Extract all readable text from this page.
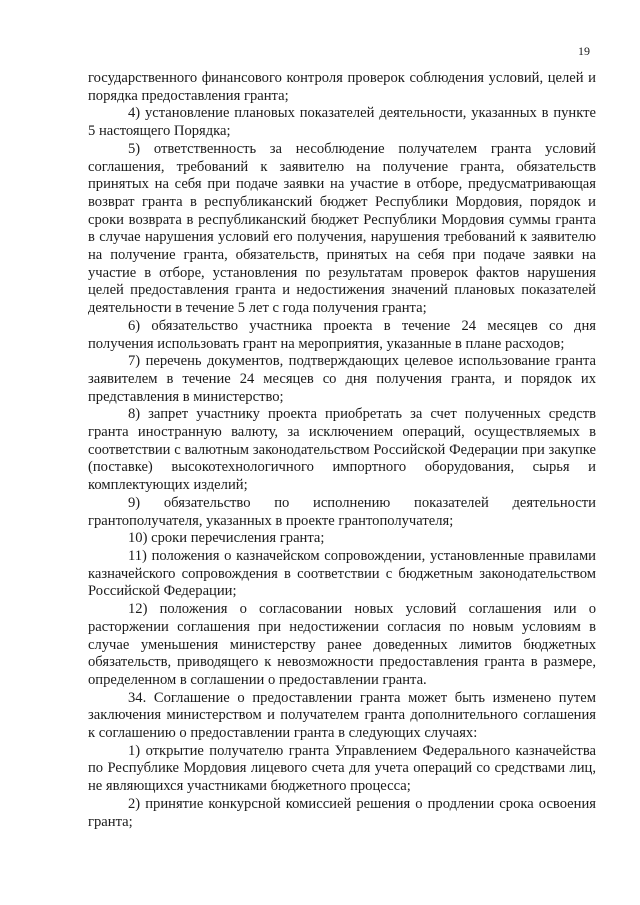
19

государственного финансового контроля проверок соблюдения условий, целей и порядка предоставления гранта;

4) установление плановых показателей деятельности, указанных в пункте 5 настоящего Порядка;

5) ответственность за несоблюдение получателем гранта условий соглашения, требований к заявителю на получение гранта, обязательств принятых на себя при подаче заявки на участие в отборе, предусматривающая возврат гранта в республиканский бюджет Республики Мордовия, порядок и сроки возврата в республиканский бюджет Республики Мордовия суммы гранта в случае нарушения условий его получения, нарушения требований к заявителю на получение гранта, обязательств, принятых на себя при подаче заявки на участие в отборе, установления по результатам проверок фактов нарушения целей предоставления гранта и недостижения значений плановых показателей деятельности в течение 5 лет с года получения гранта;

6) обязательство участника проекта в течение 24 месяцев со дня получения использовать грант на мероприятия, указанные в плане расходов;

7) перечень документов, подтверждающих целевое использование гранта заявителем в течение 24 месяцев со дня получения гранта, и порядок их представления в министерство;

8) запрет участнику проекта приобретать за счет полученных средств гранта иностранную валюту, за исключением операций, осуществляемых в соответствии с валютным законодательством Российской Федерации при закупке (поставке) высокотехнологичного импортного оборудования, сырья и комплектующих изделий;

9) обязательство по исполнению показателей деятельности грантополучателя, указанных в проекте грантополучателя;

10) сроки перечисления гранта;

11) положения о казначейском сопровождении, установленные правилами казначейского сопровождения в соответствии с бюджетным законодательством Российской Федерации;

12) положения о согласовании новых условий соглашения или о расторжении соглашения при недостижении согласия по новым условиям в случае уменьшения министерству ранее доведенных лимитов бюджетных обязательств, приводящего к невозможности предоставления гранта в размере, определенном в соглашении о предоставлении гранта.

34. Соглашение о предоставлении гранта может быть изменено путем заключения министерством и получателем гранта дополнительного соглашения к соглашению о предоставлении гранта в следующих случаях:

1) открытие получателю гранта Управлением Федерального казначейства по Республике Мордовия лицевого счета для учета операций со средствами лиц, не являющихся участниками бюджетного процесса;

2) принятие конкурсной комиссией решения о продлении срока освоения гранта;
